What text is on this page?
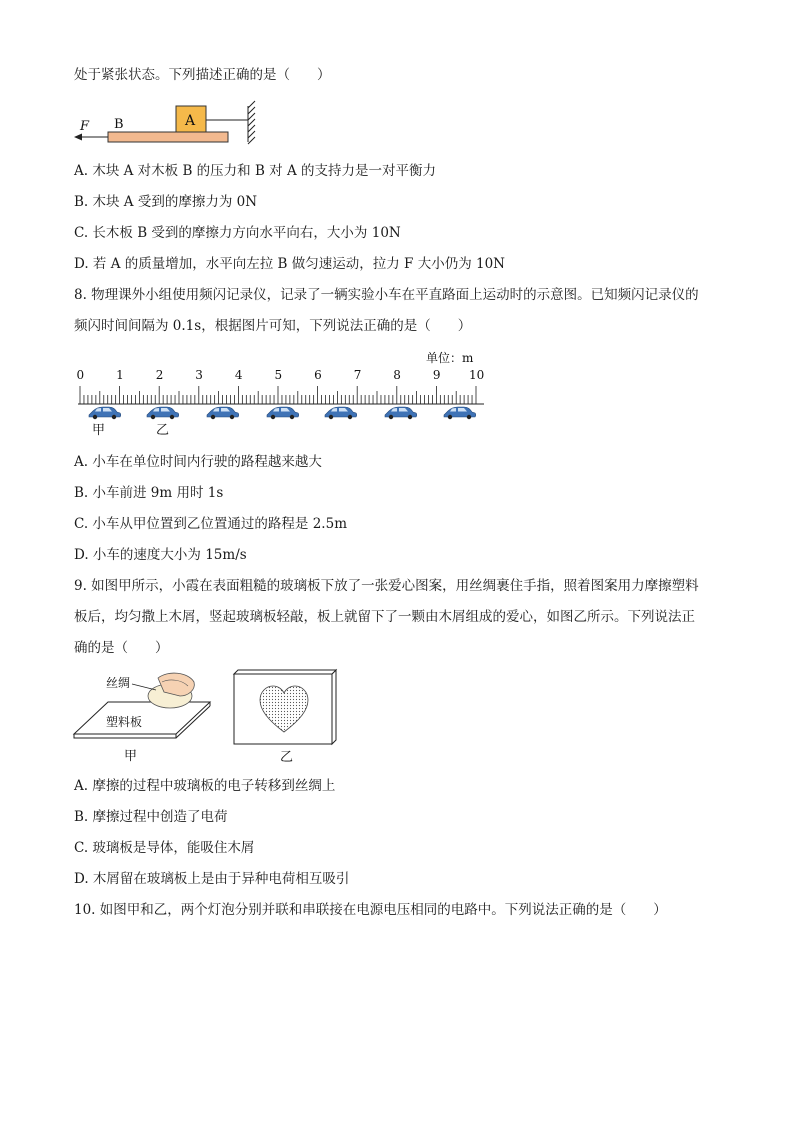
处于紧张状态。下列描述正确的是（　　）
A
B
F
A. 木块 A 对木板 B 的压力和 B 对 A 的支持力是一对平衡力
B. 木块 A 受到的摩擦力为 0N
C. 长木板 B 受到的摩擦力方向水平向右，大小为 10N
D. 若 A 的质量增加，水平向左拉 B 做匀速运动，拉力 F 大小仍为 10N
8. 物理课外小组使用频闪记录仪，记录了一辆实验小车在平直路面上运动时的示意图。已知频闪记录仪的
频闪时间间隔为 0.1s，根据图片可知，下列说法正确的是（　　）
单位：m
0	1	2	3	4	5	6	7	8	9 10
甲	乙
A. 小车在单位时间内行驶的路程越来越大
B. 小车前进 9m 用时 1s
C. 小车从甲位置到乙位置通过的路程是 2.5m
D. 小车的速度大小为 15m/s
9. 如图甲所示，小霞在表面粗糙的玻璃板下放了一张爱心图案，用丝绸裹住手指，照着图案用力摩擦塑料
板后，均匀撒上木屑，竖起玻璃板轻敲，板上就留下了一颗由木屑组成的爱心，如图乙所示。下列说法正
确的是（　　）
丝绸
塑料板
甲	乙
A. 摩擦的过程中玻璃板的电子转移到丝绸上
B. 摩擦过程中创造了电荷
C. 玻璃板是导体，能吸住木屑
D. 木屑留在玻璃板上是由于异种电荷相互吸引
10. 如图甲和乙，两个灯泡分别并联和串联接在电源电压相同的电路中。下列说法正确的是（　　）
